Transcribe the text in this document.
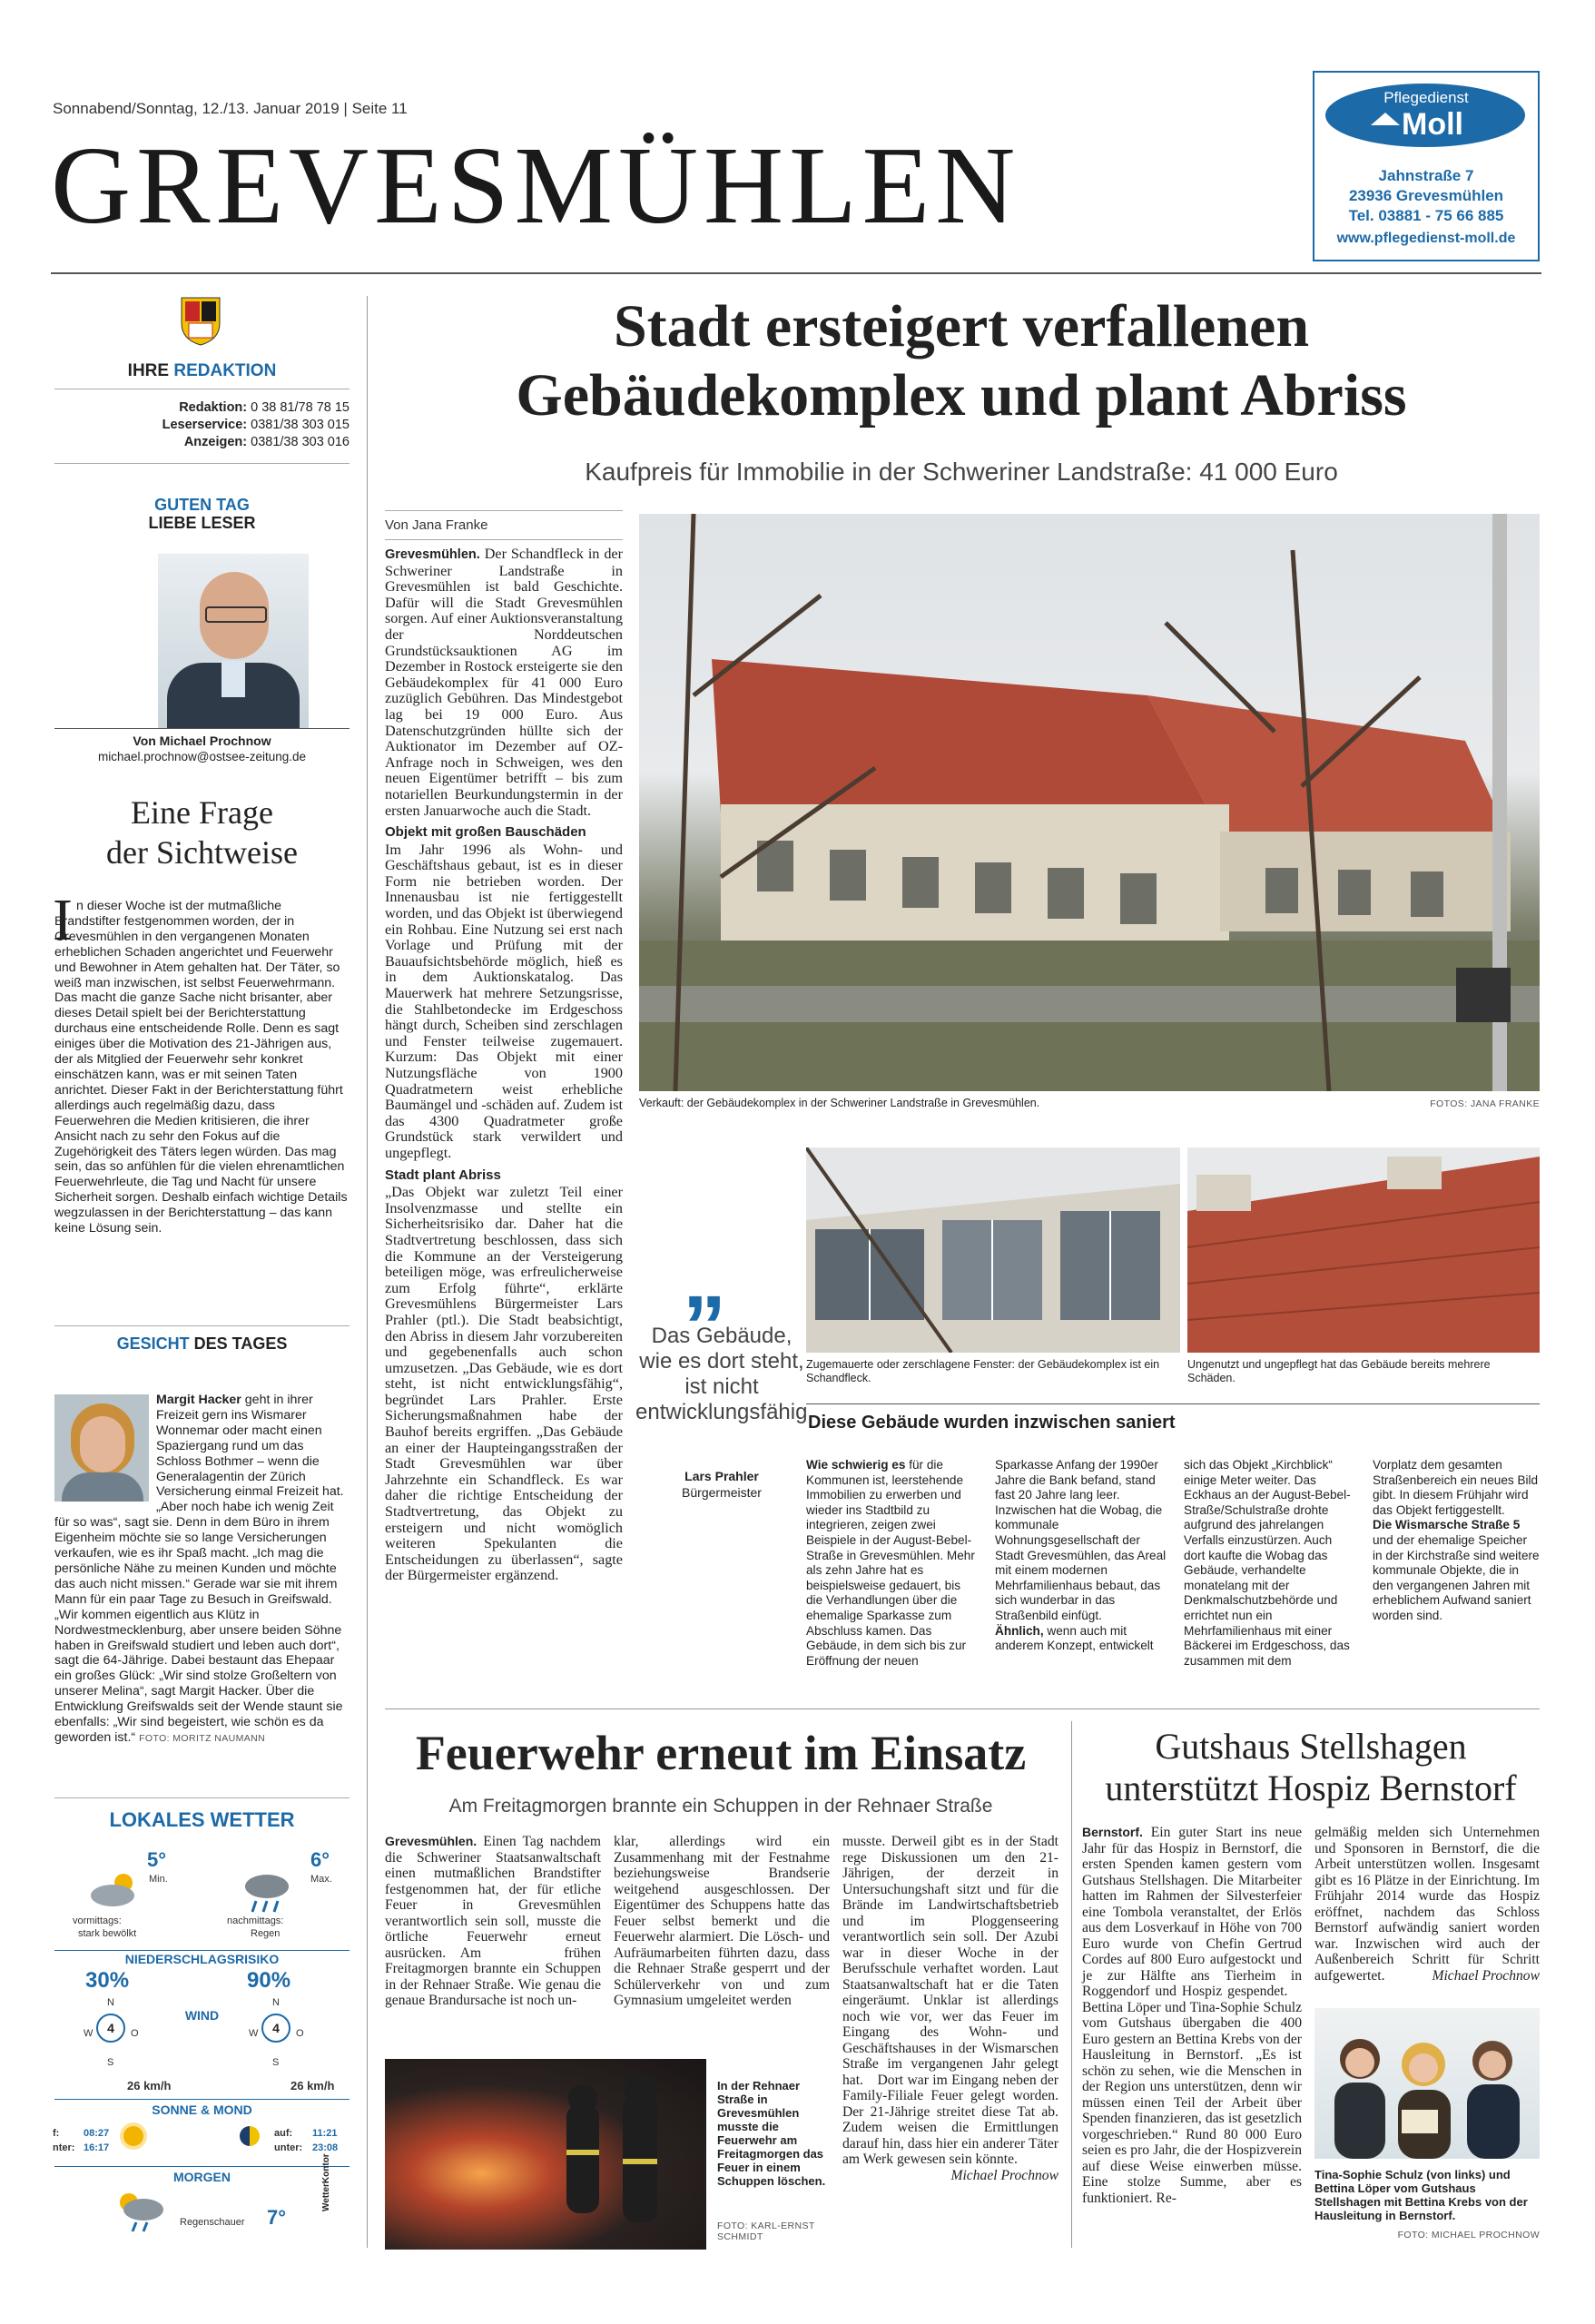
Sonnabend/Sonntag, 12./13. Januar 2019 | Seite 11
GREVESMÜHLEN
Pflegedienst
Moll
Jahnstraße 7
23936 Grevesmühlen
Tel. 03881 - 75 66 885
www.pflegedienst-moll.de
IHRE REDAKTION
Redaktion: 0 38 81/78 78 15
Leserservice: 0381/38 303 015
Anzeigen: 0381/38 303 016
GUTEN TAG
LIEBE LESER
Von Michael Prochnow
michael.prochnow@ostsee-zeitung.de
Eine Frage
der Sichtweise
I n dieser Woche ist der mutmaßliche Brandstifter festgenommen worden, der in Grevesmühlen in den vergangenen Monaten erheblichen Schaden angerichtet und Feuerwehr und Bewohner in Atem gehalten hat. Der Täter, so weiß man inzwischen, ist selbst Feuerwehrmann. Das macht die ganze Sache nicht brisanter, aber dieses Detail spielt bei der Berichterstattung durchaus eine entscheidende Rolle. Denn es sagt einiges über die Motivation des 21-Jährigen aus, der als Mitglied der Feuerwehr sehr konkret einschätzen kann, was er mit seinen Taten anrichtet. Dieser Fakt in der Berichterstattung führt allerdings auch regelmäßig dazu, dass Feuerwehren die Medien kritisieren, die ihrer Ansicht nach zu sehr den Fokus auf die Zugehörigkeit des Täters legen würden. Das mag sein, das so anfühlen für die vielen ehrenamtlichen Feuerwehrleute, die Tag und Nacht für unsere Sicherheit sorgen. Deshalb einfach wichtige Details wegzulassen in der Berichterstattung – das kann keine Lösung sein.
GESICHT DES TAGES
Margit Hacker geht in ihrer Freizeit gern ins Wismarer Wonnemar oder macht einen Spaziergang rund um das Schloss Bothmer – wenn die Generalagentin der Zürich Versicherung einmal Freizeit hat. „Aber noch habe ich wenig Zeit für so was“, sagt sie. Denn in dem Büro in ihrem Eigenheim möchte sie so lange Versicherungen verkaufen, wie es ihr Spaß macht. „Ich mag die persönliche Nähe zu meinen Kunden und möchte das auch nicht missen.“ Gerade war sie mit ihrem Mann für ein paar Tage zu Besuch in Greifswald. „Wir kommen eigentlich aus Klütz in Nordwestmecklenburg, aber unsere beiden Söhne haben in Greifswald studiert und leben auch dort“, sagt die 64-Jährige. Dabei bestaunt das Ehepaar ein großes Glück: „Wir sind stolze Großeltern von unserer Melina“, sagt Margit Hacker. Über die Entwicklung Greifswalds seit der Wende staunt sie ebenfalls: „Wir sind begeistert, wie schön es da geworden ist.“ FOTO: MORITZ NAUMANN
LOKALES WETTER
5°
Min.
6°
Max.
vormittags:
stark bewölkt
nachmittags:
Regen
NIEDERSCHLAGSRISIKO
30%	90%
WIND
N
W	O
S
4
N
W	O
S
4
26 km/h	26 km/h
SONNE & MOND
f: 08:27
nter: 16:17
auf: 11:21
unter: 23:08
MORGEN
Regenschauer 7°
WetterKontor
Stadt ersteigert verfallenen
Gebäudekomplex und plant Abriss
Kaufpreis für Immobilie in der Schweriner Landstraße: 41 000 Euro
Von Jana Franke
Grevesmühlen. Der Schandfleck in der Schweriner Landstraße in Grevesmühlen ist bald Geschichte. Dafür will die Stadt Grevesmühlen sorgen. Auf einer Auktionsveranstaltung der Norddeutschen Grundstücksauktionen AG im Dezember in Rostock ersteigerte sie den Gebäudekomplex für 41 000 Euro zuzüglich Gebühren. Das Mindestgebot lag bei 19 000 Euro. Aus Datenschutzgründen hüllte sich der Auktionator im Dezember auf OZ-Anfrage noch in Schweigen, wes den neuen Eigentümer betrifft – bis zum notariellen Beurkundungstermin in der ersten Januarwoche auch die Stadt.
Objekt mit großen Bauschäden
Im Jahr 1996 als Wohn- und Geschäftshaus gebaut, ist es in dieser Form nie betrieben worden. Der Innenausbau ist nie fertiggestellt worden, und das Objekt ist überwiegend ein Rohbau. Eine Nutzung sei erst nach Vorlage und Prüfung mit der Bauaufsichtsbehörde möglich, hieß es in dem Auktionskatalog. Das Mauerwerk hat mehrere Setzungsrisse, die Stahlbetondecke im Erdgeschoss hängt durch, Scheiben sind zerschlagen und Fenster teilweise zugemauert. Kurzum: Das Objekt mit einer Nutzungsfläche von 1900 Quadratmetern weist erhebliche Baumängel und -schäden auf. Zudem ist das 4300 Quadratmeter große Grundstück stark verwildert und ungepflegt.
Stadt plant Abriss
„Das Objekt war zuletzt Teil einer Insolvenzmasse und stellte ein Sicherheitsrisiko dar. Daher hat die Stadtvertretung beschlossen, dass sich die Kommune an der Versteigerung beteiligen möge, was erfreulicherweise zum Erfolg führte“, erklärte Grevesmühlens Bürgermeister Lars Prahler (ptl.). Die Stadt beabsichtigt, den Abriss in diesem Jahr vorzubereiten und gegebenenfalls auch schon umzusetzen. „Das Gebäude, wie es dort steht, ist nicht entwicklungsfähig“, begründet Lars Prahler. Erste Sicherungsmaßnahmen habe der Bauhof bereits ergriffen. „Das Gebäude an einer der Haupteingangsstraßen der Stadt Grevesmühlen war über Jahrzehnte ein Schandfleck. Es war daher die richtige Entscheidung der Stadtvertretung, das Objekt zu ersteigern und nicht womöglich weiteren Spekulanten die Entscheidungen zu überlassen“, sagte der Bürgermeister ergänzend.
Verkauft: der Gebäudekomplex in der Schweriner Landstraße in Grevesmühlen.	FOTOS: JANA FRANKE
„
Das Gebäude, wie es dort steht, ist nicht entwicklungsfähig.
Lars Prahler
Bürgermeister
Zugemauerte oder zerschlagene Fenster: der Gebäudekomplex ist ein Schandfleck.
Ungenutzt und ungepflegt hat das Gebäude bereits mehrere Schäden.
Diese Gebäude wurden inzwischen saniert
Wie schwierig es für die Kommunen ist, leerstehende Immobilien zu erwerben und wieder ins Stadtbild zu integrieren, zeigen zwei Beispiele in der August-Bebel-Straße in Grevesmühlen. Mehr als zehn Jahre hat es beispielsweise gedauert, bis die Verhandlungen über die ehemalige Sparkasse zum Abschluss kamen. Das Gebäude, in dem sich bis zur Eröffnung der neuen
Sparkasse Anfang der 1990er Jahre die Bank befand, stand fast 20 Jahre lang leer. Inzwischen hat die Wobag, die kommunale Wohnungsgesellschaft der Stadt Grevesmühlen, das Areal mit einem modernen Mehrfamilienhaus bebaut, das sich wunderbar in das Straßenbild einfügt.
Ähnlich, wenn auch mit anderem Konzept, entwickelt
sich das Objekt „Kirchblick“ einige Meter weiter. Das Eckhaus an der August-Bebel-Straße/Schulstraße drohte aufgrund des jahrelangen Verfalls einzustürzen. Auch dort kaufte die Wobag das Gebäude, verhandelte monatelang mit der Denkmalschutzbehörde und errichtet nun ein Mehrfamilienhaus mit einer Bäckerei im Erdgeschoss, das zusammen mit dem
Vorplatz dem gesamten Straßenbereich ein neues Bild gibt. In diesem Frühjahr wird das Objekt fertiggestellt.
Die Wismarsche Straße 5 und der ehemalige Speicher in der Kirchstraße sind weitere kommunale Objekte, die in den vergangenen Jahren mit erheblichem Aufwand saniert worden sind.
Feuerwehr erneut im Einsatz
Am Freitagmorgen brannte ein Schuppen in der Rehnaer Straße
Grevesmühlen. Einen Tag nachdem die Schweriner Staatsanwaltschaft einen mutmaßlichen Brandstifter festgenommen hat, der für etliche Feuer in Grevesmühlen verantwortlich sein soll, musste die örtliche Feuerwehr erneut ausrücken. Am frühen Freitagmorgen brannte ein Schuppen in der Rehnaer Straße. Wie genau die genaue Brandursache ist noch un-
klar, allerdings wird ein Zusammenhang mit der Festnahme beziehungsweise Brandserie weitgehend ausgeschlossen. Der Eigentümer des Schuppens hatte das Feuer selbst bemerkt und die Feuerwehr alarmiert. Die Lösch- und Aufräumarbeiten führten dazu, dass die Rehnaer Straße gesperrt und der Schülerverkehr von und zum Gymnasium umgeleitet werden
musste. Derweil gibt es in der Stadt rege Diskussionen um den 21-Jährigen, der derzeit in Untersuchungshaft sitzt und für die Brände im Landwirtschaftsbetrieb und im Ploggenseering verantwortlich sein soll. Der Azubi war in dieser Woche in der Berufsschule verhaftet worden. Laut Staatsanwaltschaft hat er die Taten eingeräumt. Unklar ist allerdings noch wie vor, wer das Feuer im Eingang des Wohn- und Geschäftshauses in der Wismarschen Straße im vergangenen Jahr gelegt hat. Dort war im Eingang neben der Family-Filiale Feuer gelegt worden. Der 21-Jährige streitet diese Tat ab. Zudem weisen die Ermittlungen darauf hin, dass hier ein anderer Täter am Werk gewesen sein könnte.

Michael Prochnow
In der Rehnaer Straße in Grevesmühlen musste die Feuerwehr am Freitagmorgen das Feuer in einem Schuppen löschen.
FOTO: KARL-ERNST SCHMIDT
Gutshaus Stellshagen
unterstützt Hospiz Bernstorf
Bernstorf. Ein guter Start ins neue Jahr für das Hospiz in Bernstorf, die ersten Spenden kamen gestern vom Gutshaus Stellshagen. Die Mitarbeiter hatten im Rahmen der Silvesterfeier eine Tombola veranstaltet, der Erlös aus dem Losverkauf in Höhe von 700 Euro wurde von Chefin Gertrud Cordes auf 800 Euro aufgestockt und je zur Hälfte ans Tierheim in Roggendorf und Hospiz gespendet. Bettina Löper und Tina-Sophie Schulz vom Gutshaus übergaben die 400 Euro gestern an Bettina Krebs von der Hausleitung in Bernstorf. „Es ist schön zu sehen, wie die Menschen in der Region uns unterstützen, denn wir müssen einen Teil der Arbeit über Spenden finanzieren, das ist gesetzlich vorgeschrieben.“ Rund 80 000 Euro seien es pro Jahr, die der Hospizverein auf diese Weise einwerben müsse. Eine stolze Summe, aber es funktioniert. Re-
gelmäßig melden sich Unternehmen und Sponsoren in Bernstorf, die die Arbeit unterstützen wollen. Insgesamt gibt es 16 Plätze in der Einrichtung. Im Frühjahr 2014 wurde das Hospiz eröffnet, nachdem das Schloss Bernstorf aufwändig saniert worden war. Inzwischen wird auch der Außenbereich Schritt für Schritt aufgewertet.	Michael Prochnow
Tina-Sophie Schulz (von links) und Bettina Löper vom Gutshaus Stellshagen mit Bettina Krebs von der Hausleitung in Bernstorf.
FOTO: MICHAEL PROCHNOW
